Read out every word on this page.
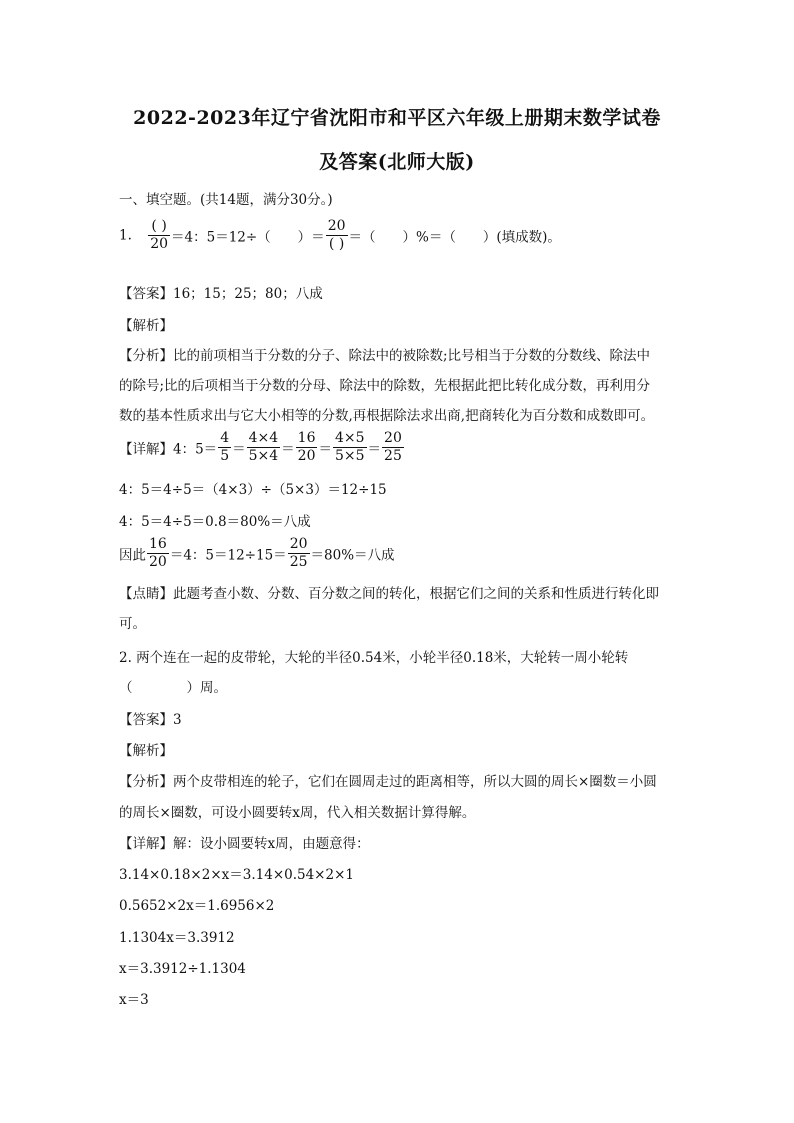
2022-2023年辽宁省沈阳市和平区六年级上册期末数学试卷
及答案(北师大版)
一、填空题。(共14题，满分30分。)
1. $\frac{( )}{20} =4$：5＝12÷（　　）＝ $\frac{20}{( )}$ ＝（　　）%＝（　　）(填成数)。
【答案】16；15；25；80；八成
【解析】
【分析】比的前项相当于分数的分子、除法中的被除数;比号相当于分数的分数线、除法中
的除号;比的后项相当于分数的分母、除法中的除数，先根据此把比转化成分数，再利用分
数的基本性质求出与它大小相等的分数,再根据除法求出商,把商转化为百分数和成数即可。
【详解】4：$5= \frac{4}{5} = \frac{4\times 4}{5\times 4} = \frac{16}{20} = \frac{4\times 5}{5\times 5} = \frac{20}{25}$
4：5＝4÷5＝（4×3）÷（5×3）＝12÷15
4：5＝4÷5＝0.8＝80%＝八成
因此 $\frac{16}{20} =4$：$5=12\div 15= \frac{20}{25} =80\%=$八成
【点睛】此题考查小数、分数、百分数之间的转化，根据它们之间的关系和性质进行转化即
可。
2. 两个连在一起的皮带轮，大轮的半径0.54米，小轮半径0.18米，大轮转一周小轮转
（　　　　）周。
【答案】3
【解析】
【分析】两个皮带相连的轮子，它们在圆周走过的距离相等，所以大圆的周长×圈数＝小圆
的周长×圈数，可设小圆要转x周，代入相关数据计算得解。
【详解】解：设小圆要转x周，由题意得：
3.14×0.18×2×x＝3.14×0.54×2×1
0.5652×2x＝1.6956×2
1.1304x＝3.3912
x＝3.3912÷1.1304
x＝3
